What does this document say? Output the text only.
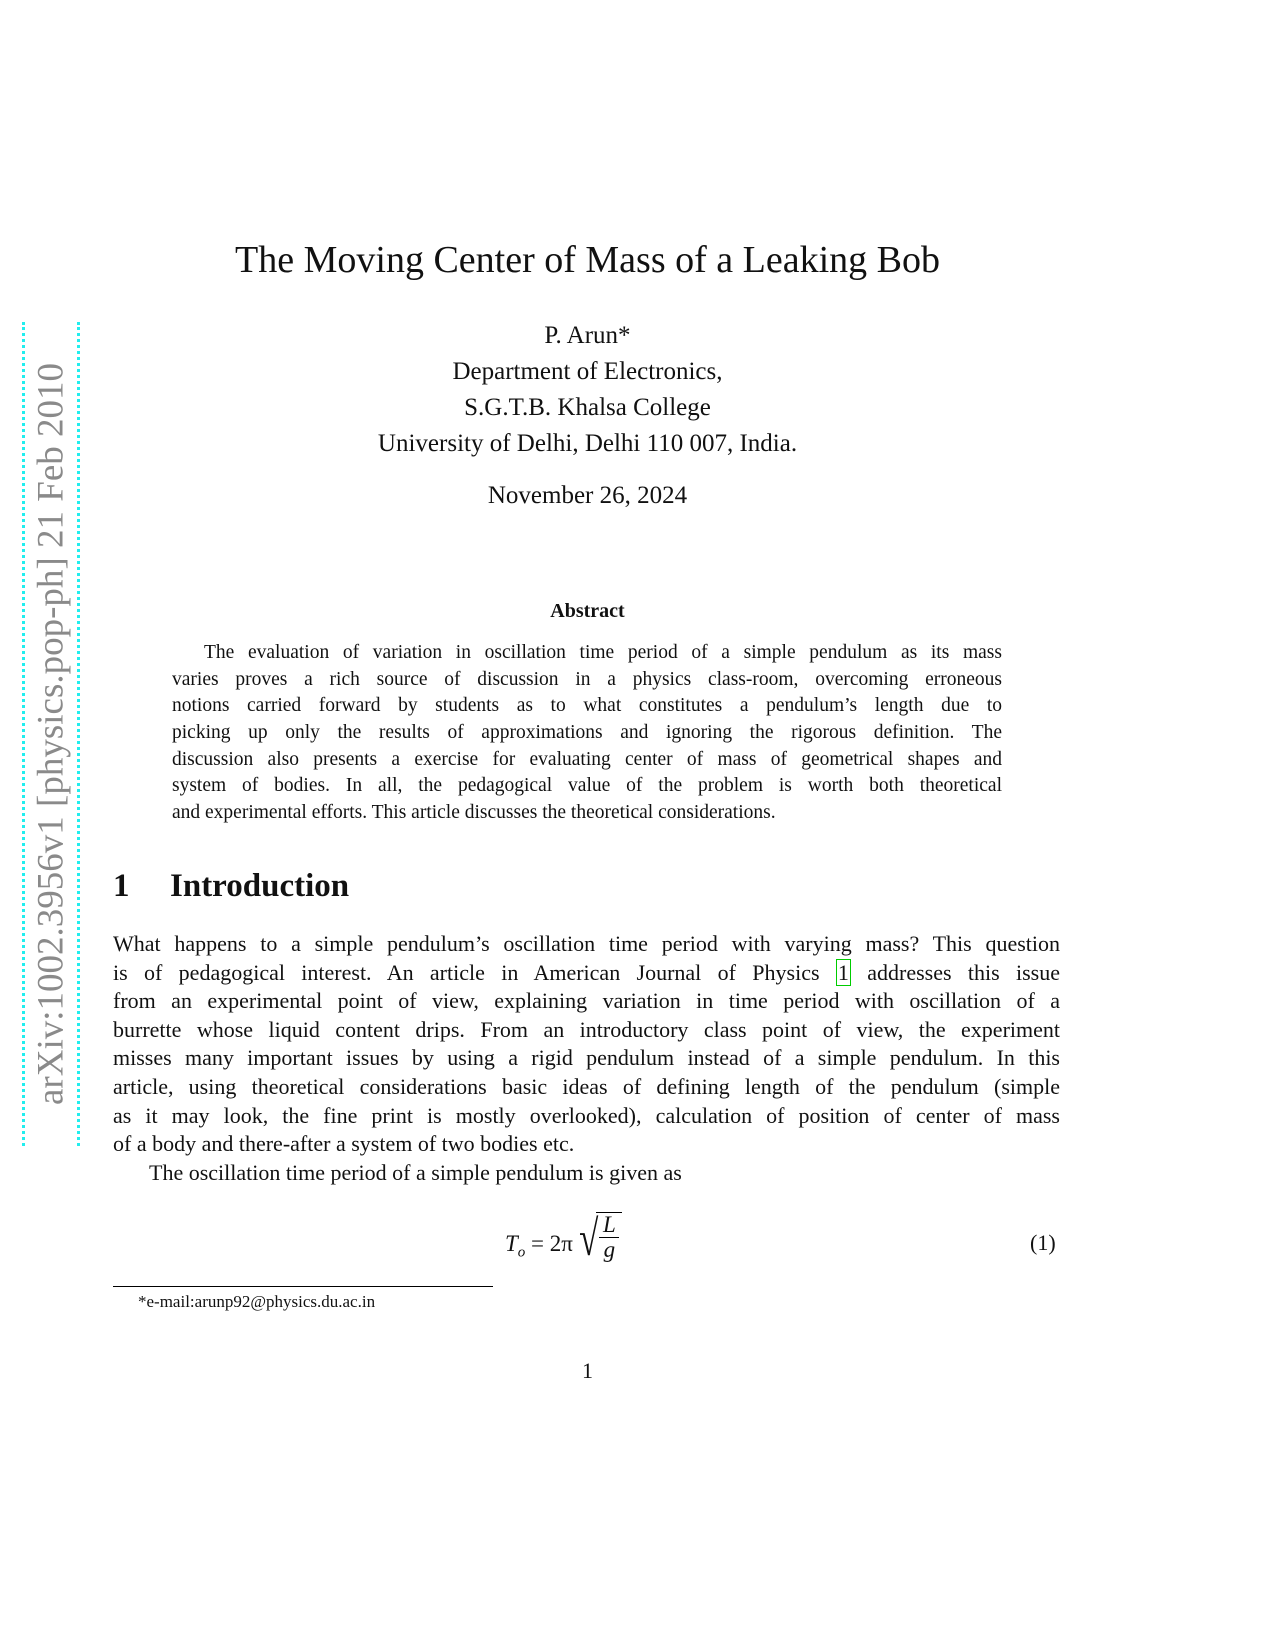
arXiv:1002.3956v1 [physics.pop-ph] 21 Feb 2010
The Moving Center of Mass of a Leaking Bob
P. Arun*
Department of Electronics,
S.G.T.B. Khalsa College
University of Delhi, Delhi 110 007, India.
November 26, 2024
Abstract
The evaluation of variation in oscillation time period of a simple pendulum as its mass
varies proves a rich source of discussion in a physics class-room, overcoming erroneous
notions carried forward by students as to what constitutes a pendulum’s length due to
picking up only the results of approximations and ignoring the rigorous definition. The
discussion also presents a exercise for evaluating center of mass of geometrical shapes and
system of bodies. In all, the pedagogical value of the problem is worth both theoretical
and experimental efforts. This article discusses the theoretical considerations.
1 Introduction
What happens to a simple pendulum’s oscillation time period with varying mass? This question
is of pedagogical interest. An article in American Journal of Physics 1 addresses this issue
from an experimental point of view, explaining variation in time period with oscillation of a
burrette whose liquid content drips. From an introductory class point of view, the experiment
misses many important issues by using a rigid pendulum instead of a simple pendulum. In this
article, using theoretical considerations basic ideas of defining length of the pendulum (simple
as it may look, the fine print is mostly overlooked), calculation of position of center of mass
of a body and there-after a system of two bodies etc.
The oscillation time period of a simple pendulum is given as
$T_o = 2\pi$ √ L
g	(1)
*e-mail:arunp92@physics.du.ac.in
1
